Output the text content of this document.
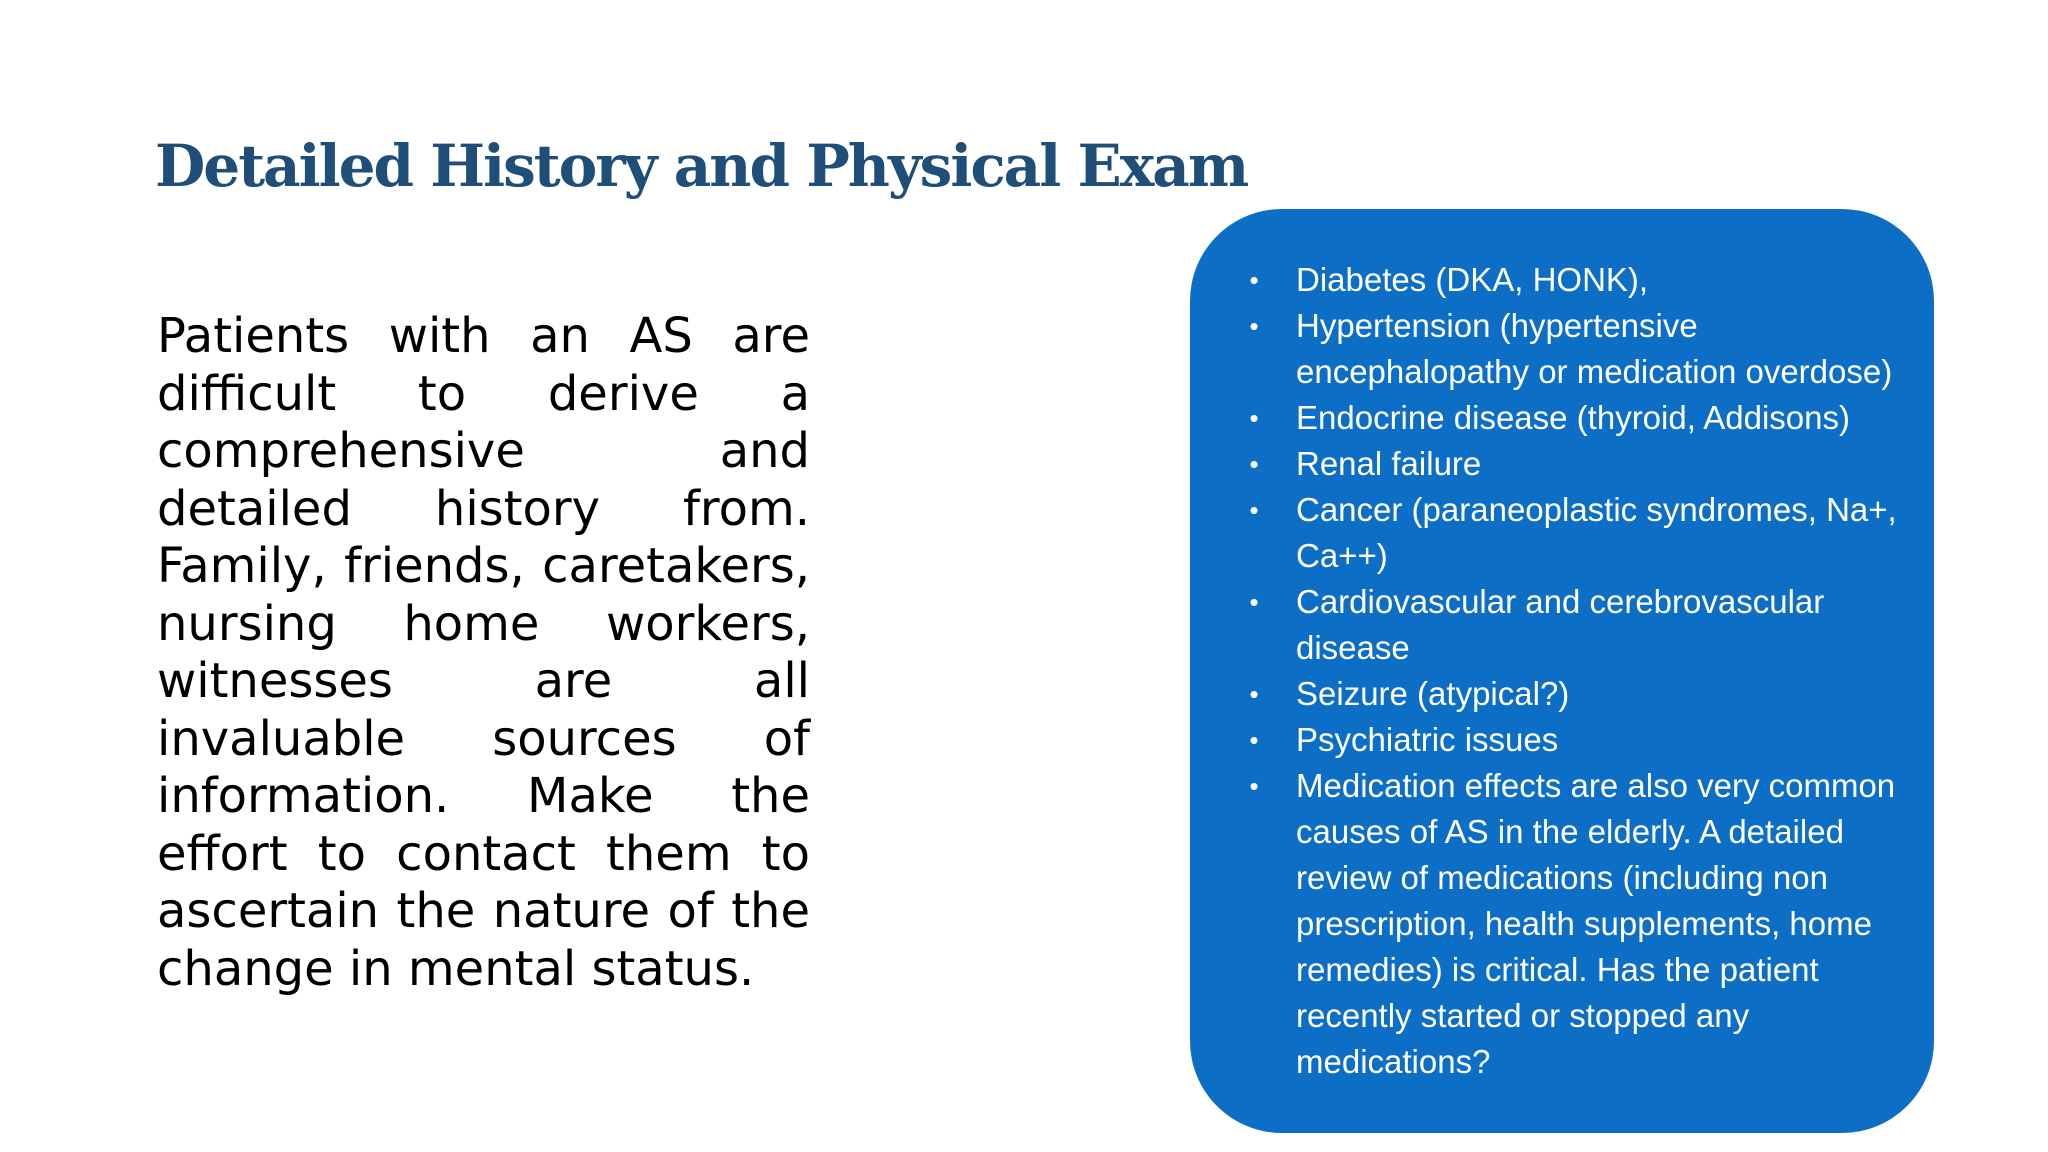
Detailed History and Physical Exam

Patients with an AS are difficult to derive a comprehensive and detailed history from. Family, friends, caretakers, nursing home workers, witnesses are all invaluable sources of information. Make the effort to contact them to ascertain the nature of the change in mental status.

• Diabetes (DKA, HONK),
• Hypertension (hypertensive encephalopathy or medication overdose)
• Endocrine disease (thyroid, Addisons)
• Renal failure
• Cancer (paraneoplastic syndromes, Na+, Ca++)
• Cardiovascular and cerebrovascular disease
• Seizure (atypical?)
• Psychiatric issues
• Medication effects are also very common causes of AS in the elderly. A detailed review of medications (including non prescription, health supplements, home remedies) is critical. Has the patient recently started or stopped any medications?
